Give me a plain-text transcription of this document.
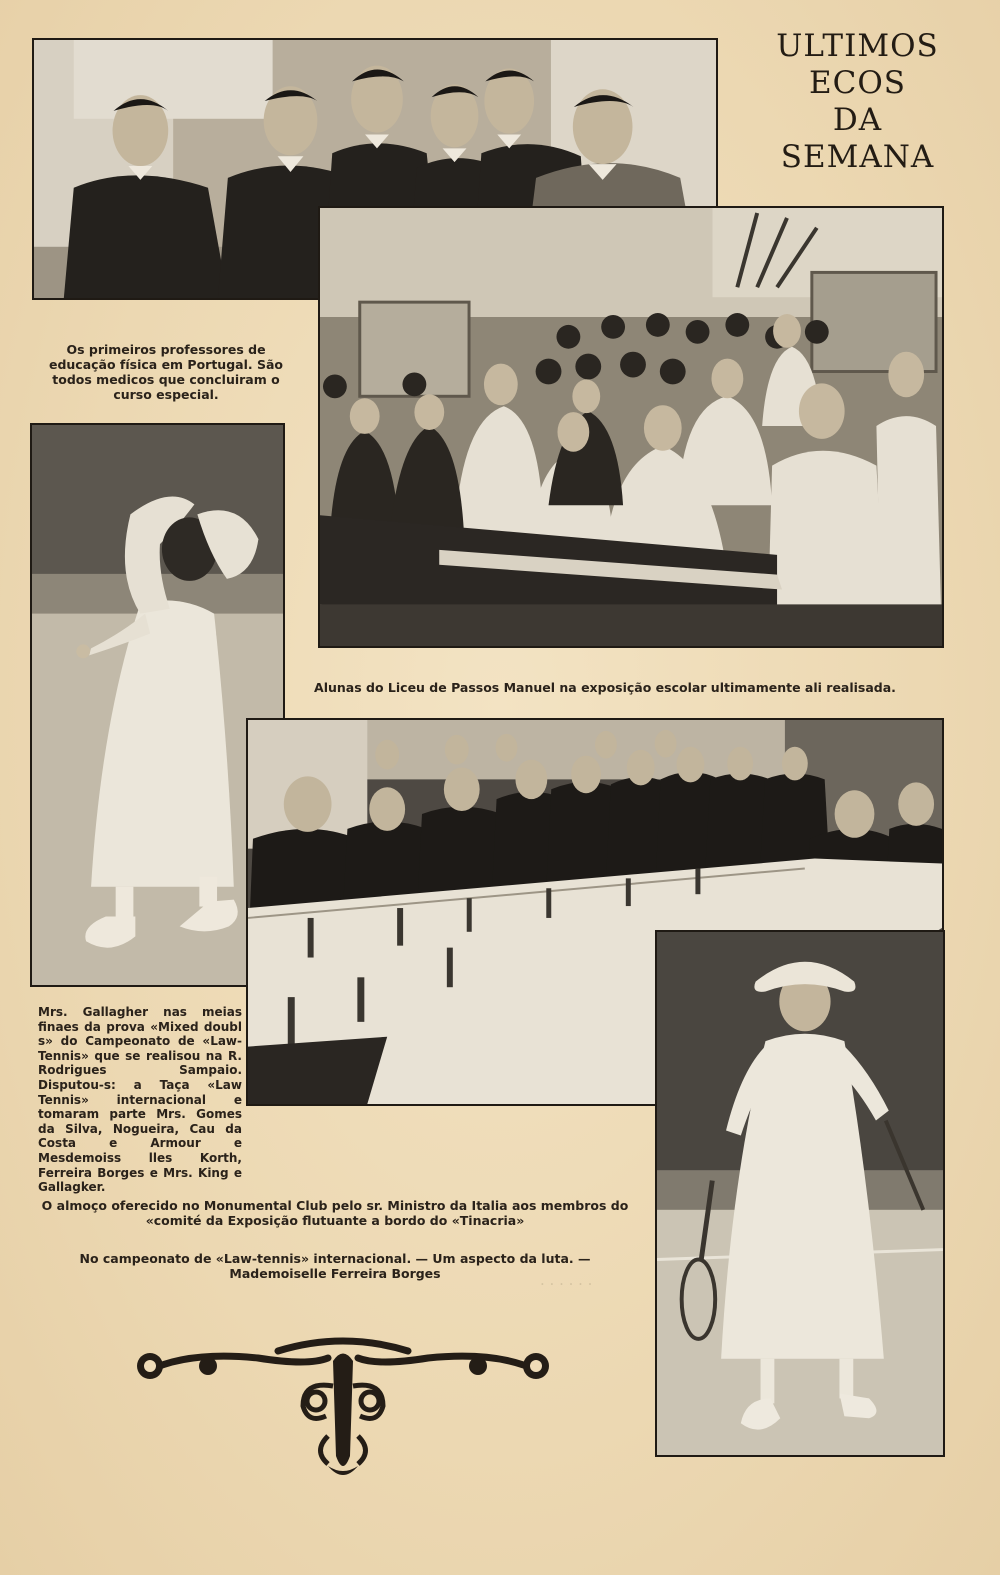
ULTIMOS
ECOS
DA
SEMANA
Os primeiros professores de educação física em Portugal. São todos medicos que concluiram o curso especial.
Alunas do Liceu de Passos Manuel na exposição escolar ultimamente ali realisada.
Mrs. Gallagher nas meias finaes da prova «Mixed doubl s» do Campeonato de «Law-Tennis» que se realisou na R. Rodrigues Sampaio. Disputou-s: a Taça «Law Tennis» internacional e tomaram parte Mrs. Gomes da Silva, Nogueira, Cau da Costa e Armour e Mesdemoiss lles Korth, Ferreira Borges e Mrs. King e Gallagker.
O almoço oferecido no Monumental Club pelo sr. Ministro da Italia aos membros do «comité da Exposição flutuante a bordo do «Tinacria»
No campeonato de «Law-tennis» internacional. — Um aspecto da luta. — Mademoiselle Ferreira Borges
· · · · · ·
